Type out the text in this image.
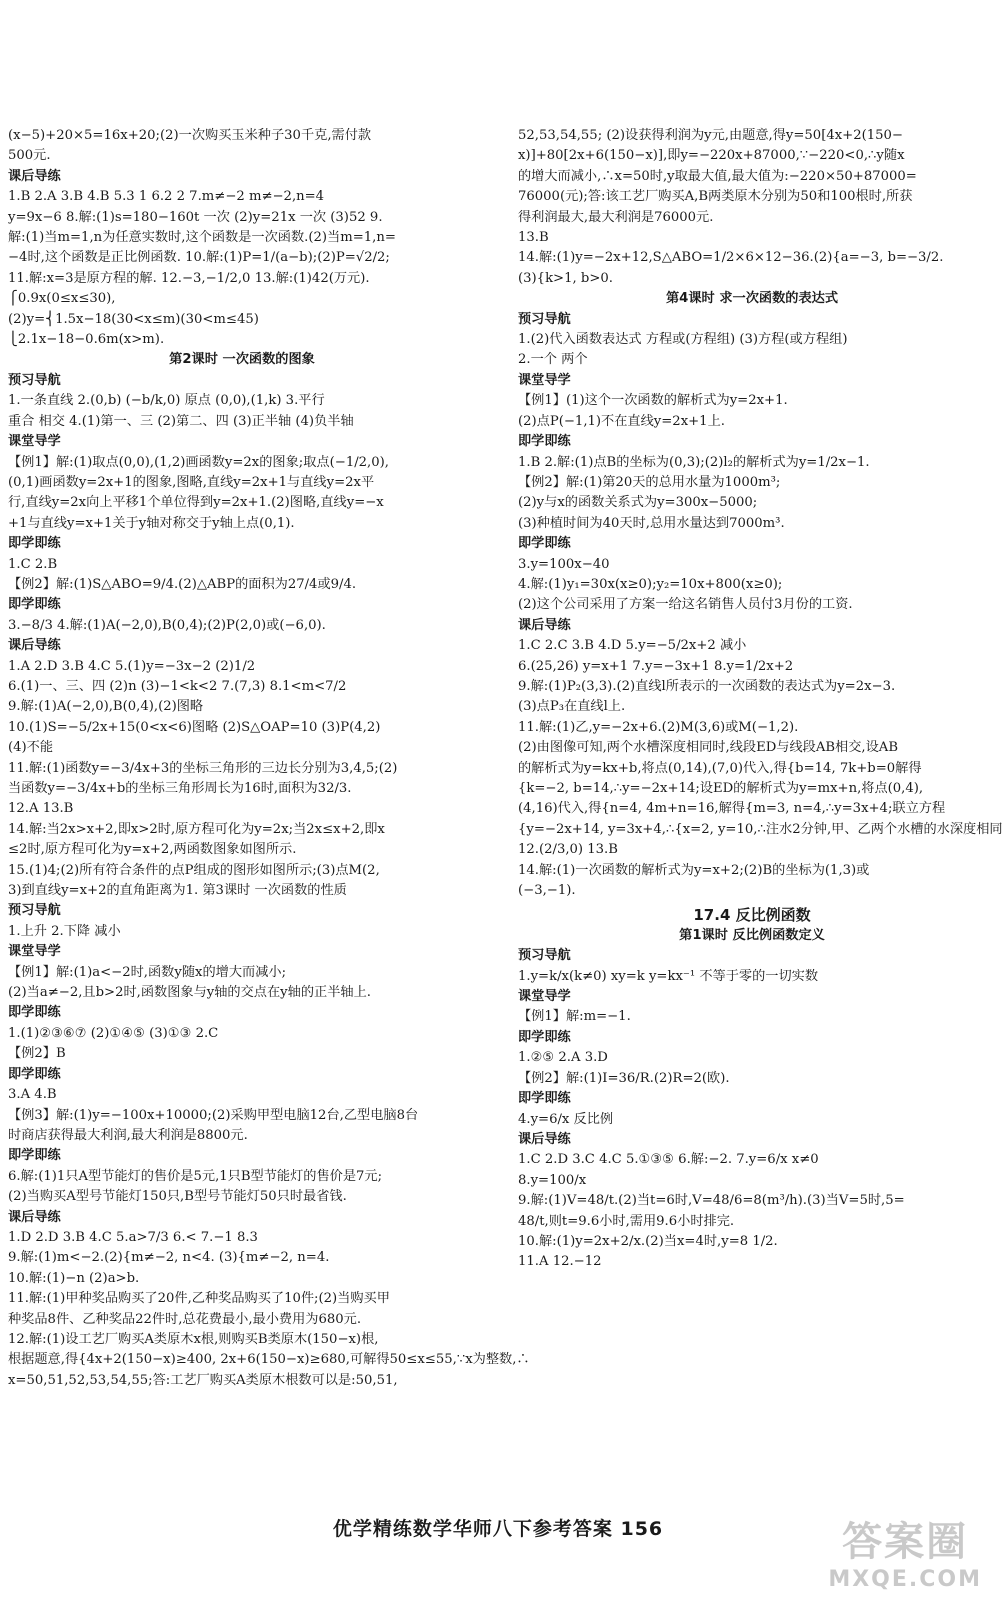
(x−5)+20×5=16x+20;(2)一次购买玉米种子30千克,需付款
500元.
课后导练
1.B 2.A 3.B 4.B 5.3 1 6.2 2 7.m≠−2 m≠−2,n=4
y=9x−6 8.解:(1)s=180−160t 一次 (2)y=21x 一次 (3)52 9.
解:(1)当m=1,n为任意实数时,这个函数是一次函数.(2)当m=1,n=
−4时,这个函数是正比例函数. 10.解:(1)P=1/(a−b);(2)P=√2/2;
11.解:x=3是原方程的解. 12.−3,−1/2,0 13.解:(1)42(万元).
⎧0.9x(0≤x≤30),
(2)y=⎨1.5x−18(30<x≤m)(30<m≤45)
⎩2.1x−18−0.6m(x>m).
第2课时 一次函数的图象
预习导航
1.一条直线 2.(0,b) (−b/k,0) 原点 (0,0),(1,k) 3.平行
重合 相交 4.(1)第一、三 (2)第二、四 (3)正半轴 (4)负半轴
课堂导学
【例1】解:(1)取点(0,0),(1,2)画函数y=2x的图象;取点(−1/2,0),
(0,1)画函数y=2x+1的图象,图略,直线y=2x+1与直线y=2x平
行,直线y=2x向上平移1个单位得到y=2x+1.(2)图略,直线y=−x
+1与直线y=x+1关于y轴对称交于y轴上点(0,1).
即学即练
1.C 2.B
【例2】解:(1)S△ABO=9/4.(2)△ABP的面积为27/4或9/4.
即学即练
3.−8/3 4.解:(1)A(−2,0),B(0,4);(2)P(2,0)或(−6,0).
课后导练
1.A 2.D 3.B 4.C 5.(1)y=−3x−2 (2)1/2
6.(1)一、三、四 (2)n (3)−1<k<2 7.(7,3) 8.1<m<7/2
9.解:(1)A(−2,0),B(0,4),(2)图略
10.(1)S=−5/2x+15(0<x<6)图略 (2)S△OAP=10 (3)P(4,2)
(4)不能
11.解:(1)函数y=−3/4x+3的坐标三角形的三边长分别为3,4,5;(2)
当函数y=−3/4x+b的坐标三角形周长为16时,面积为32/3.
12.A 13.B
14.解:当2x>x+2,即x>2时,原方程可化为y=2x;当2x≤x+2,即x
≤2时,原方程可化为y=x+2,两函数图象如图所示.
15.(1)4;(2)所有符合条件的点P组成的图形如图所示;(3)点M(2,
3)到直线y=x+2的直角距离为1. 第3课时 一次函数的性质
预习导航
1.上升 2.下降 减小
课堂导学
【例1】解:(1)a<−2时,函数y随x的增大而减小;
(2)当a≠−2,且b>2时,函数图象与y轴的交点在y轴的正半轴上.
即学即练
1.(1)②③⑥⑦ (2)①④⑤ (3)①③ 2.C
【例2】B
即学即练
3.A 4.B
【例3】解:(1)y=−100x+10000;(2)采购甲型电脑12台,乙型电脑8台
时商店获得最大利润,最大利润是8800元.
即学即练
6.解:(1)1只A型节能灯的售价是5元,1只B型节能灯的售价是7元;
(2)当购买A型号节能灯150只,B型号节能灯50只时最省钱.
课后导练
1.D 2.D 3.B 4.C 5.a>7/3 6.< 7.−1 8.3
9.解:(1)m<−2.(2){m≠−2, n<4. (3){m≠−2, n=4.
10.解:(1)−n (2)a>b.
11.解:(1)甲种奖品购买了20件,乙种奖品购买了10件;(2)当购买甲
种奖品8件、乙种奖品22件时,总花费最小,最小费用为680元.
12.解:(1)设工艺厂购买A类原木x根,则购买B类原木(150−x)根,
根据题意,得{4x+2(150−x)≥400, 2x+6(150−x)≥680,可解得50≤x≤55,∵x为整数,∴
x=50,51,52,53,54,55;答:工艺厂购买A类原木根数可以是:50,51,
52,53,54,55; (2)设获得利润为y元,由题意,得y=50[4x+2(150−
x)]+80[2x+6(150−x)],即y=−220x+87000,∵−220<0,∴y随x
的增大而减小,∴x=50时,y取最大值,最大值为:−220×50+87000=
76000(元);答:该工艺厂购买A,B两类原木分别为50和100根时,所获
得利润最大,最大利润是76000元.
13.B
14.解:(1)y=−2x+12,S△ABO=1/2×6×12−36.(2){a=−3, b=−3/2.
(3){k>1, b>0.
第4课时 求一次函数的表达式
预习导航
1.(2)代入函数表达式 方程或(方程组) (3)方程(或方程组)
2.一个 两个
课堂导学
【例1】(1)这个一次函数的解析式为y=2x+1.
(2)点P(−1,1)不在直线y=2x+1上.
即学即练
1.B 2.解:(1)点B的坐标为(0,3);(2)l₂的解析式为y=1/2x−1.
【例2】解:(1)第20天的总用水量为1000m³;
(2)y与x的函数关系式为y=300x−5000;
(3)种植时间为40天时,总用水量达到7000m³.
即学即练
3.y=100x−40
4.解:(1)y₁=30x(x≥0);y₂=10x+800(x≥0);
(2)这个公司采用了方案一给这名销售人员付3月份的工资.
课后导练
1.C 2.C 3.B 4.D 5.y=−5/2x+2 减小
6.(25,26) y=x+1 7.y=−3x+1 8.y=1/2x+2
9.解:(1)P₂(3,3).(2)直线l所表示的一次函数的表达式为y=2x−3.
(3)点P₃在直线l上.
11.解:(1)乙,y=−2x+6.(2)M(3,6)或M(−1,2).
(2)由图像可知,两个水槽深度相同时,线段ED与线段AB相交,设AB
的解析式为y=kx+b,将点(0,14),(7,0)代入,得{b=14, 7k+b=0解得
{k=−2, b=14,∴y=−2x+14;设ED的解析式为y=mx+n,将点(0,4),
(4,16)代入,得{n=4, 4m+n=16,解得{m=3, n=4,∴y=3x+4;联立方程
{y=−2x+14, y=3x+4,∴{x=2, y=10,∴注水2分钟,甲、乙两个水槽的水深度相同
12.(2/3,0) 13.B
14.解:(1)一次函数的解析式为y=x+2;(2)B的坐标为(1,3)或
(−3,−1).
17.4 反比例函数
第1课时 反比例函数定义
预习导航
1.y=k/x(k≠0) xy=k y=kx⁻¹ 不等于零的一切实数
课堂导学
【例1】解:m=−1.
即学即练
1.②⑤ 2.A 3.D
【例2】解:(1)I=36/R.(2)R=2(欧).
即学即练
4.y=6/x 反比例
课后导练
1.C 2.D 3.C 4.C 5.①③⑤ 6.解:−2. 7.y=6/x x≠0
8.y=100/x
9.解:(1)V=48/t.(2)当t=6时,V=48/6=8(m³/h).(3)当V=5时,5=
48/t,则t=9.6小时,需用9.6小时排完.
10.解:(1)y=2x+2/x.(2)当x=4时,y=8 1/2.
11.A 12.−12
优学精练数学华师八下参考答案 156	答案圈
MXQE.COM
